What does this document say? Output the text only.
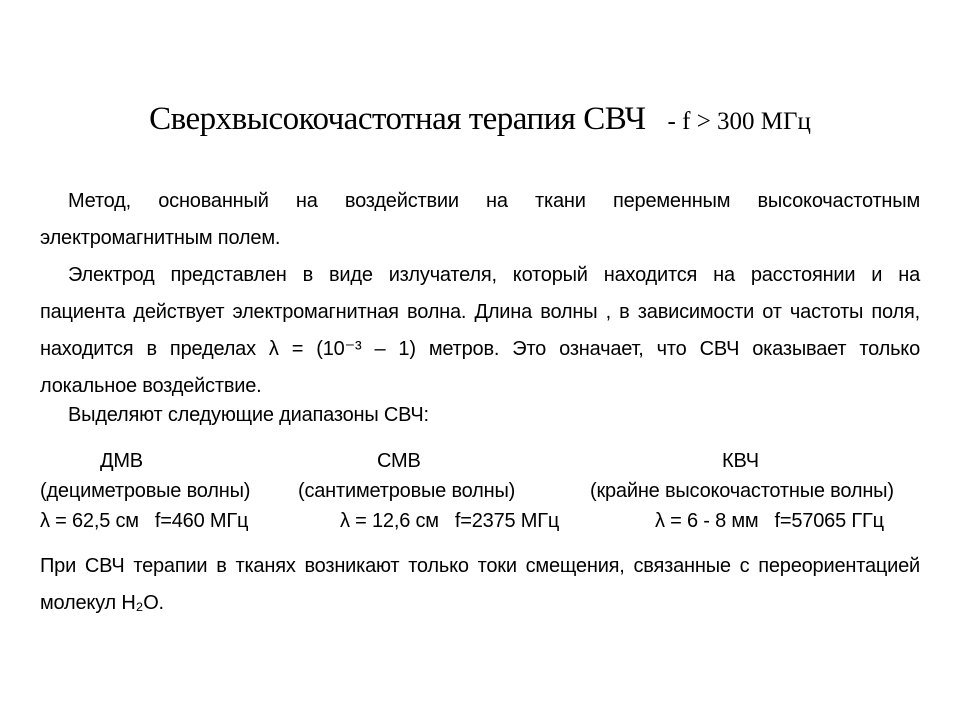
Сверхвысокочастотная терапия СВЧ - f > 300 МГц
Метод, основанный на воздействии на ткани переменным высокочастотным
электромагнитным полем.
Электрод представлен в виде излучателя, который находится на расстоянии и на
пациента действует электромагнитная волна. Длина волны , в зависимости от частоты поля,
находится в пределах λ = (10⁻³ – 1) метров. Это означает, что СВЧ оказывает только
локальное воздействие.
Выделяют следующие диапазоны СВЧ:
ДМВ	СМВ	КВЧ
(дециметровые волны)	(сантиметровые волны)	(крайне высокочастотные волны)
λ = 62,5 см   f=460 МГц	λ = 12,6 см   f=2375 МГц	λ = 6 - 8 мм   f=57065 ГГц
При СВЧ терапии в тканях возникают только токи смещения, связанные с переориентацией
молекул H₂O.
